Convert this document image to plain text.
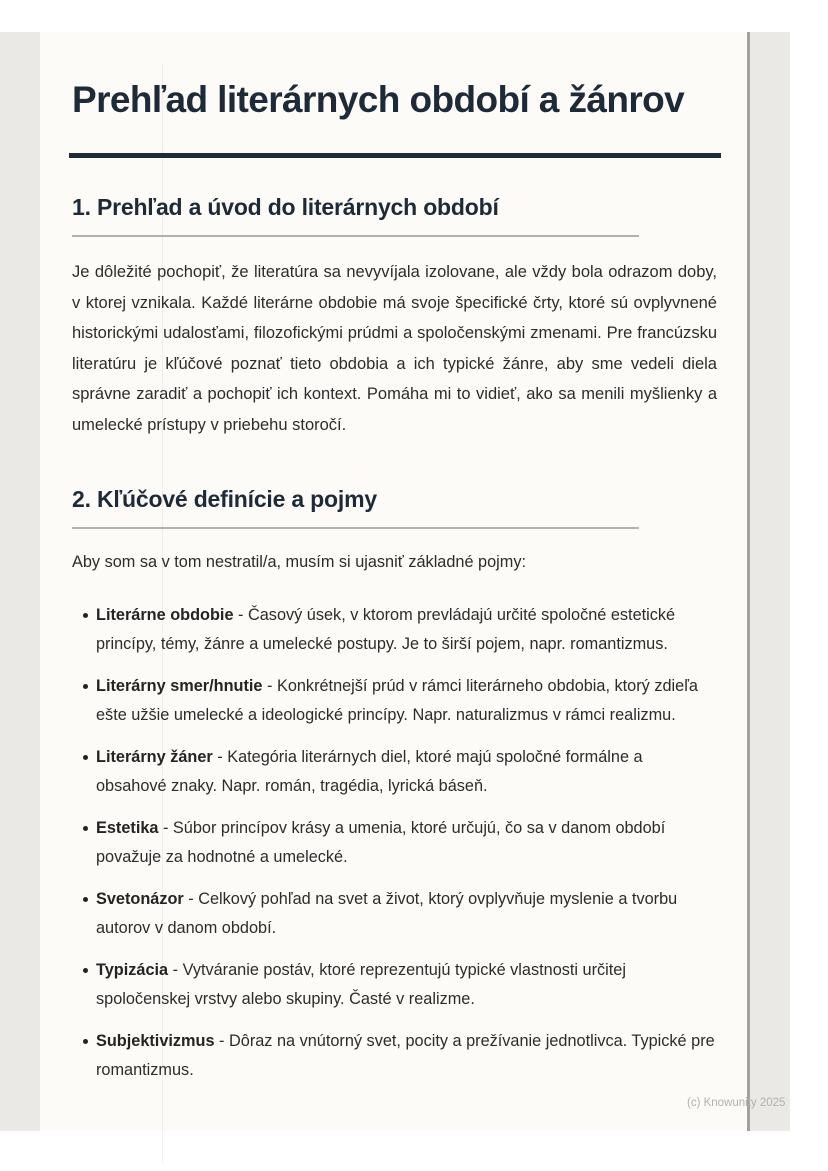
Prehľad literárnych období a žánrov
1. Prehľad a úvod do literárnych období

Je dôležité pochopiť, že literatúra sa nevyvíjala izolovane, ale vždy bola odrazom doby, v ktorej vznikala. Každé literárne obdobie má svoje špecifické črty, ktoré sú ovplyvnené historickými udalosťami, filozofickými prúdmi a spoločenskými zmenami. Pre francúzsku literatúru je kľúčové poznať tieto obdobia a ich typické žánre, aby sme vedeli diela správne zaradiť a pochopiť ich kontext. Pomáha mi to vidieť, ako sa menili myšlienky a umelecké prístupy v priebehu storočí.

2. Kľúčové definície a pojmy

Aby som sa v tom nestratil/a, musím si ujasniť základné pojmy:

Literárne obdobie - Časový úsek, v ktorom prevládajú určité spoločné estetické princípy, témy, žánre a umelecké postupy. Je to širší pojem, napr. romantizmus.
Literárny smer/hnutie - Konkrétnejší prúd v rámci literárneho obdobia, ktorý zdieľa ešte užšie umelecké a ideologické princípy. Napr. naturalizmus v rámci realizmu.
Literárny žáner - Kategória literárnych diel, ktoré majú spoločné formálne a obsahové znaky. Napr. román, tragédia, lyrická báseň.
Estetika - Súbor princípov krásy a umenia, ktoré určujú, čo sa v danom období považuje za hodnotné a umelecké.
Svetonázor - Celkový pohľad na svet a život, ktorý ovplyvňuje myslenie a tvorbu autorov v danom období.
Typizácia - Vytváranie postáv, ktoré reprezentujú typické vlastnosti určitej spoločenskej vrstvy alebo skupiny. Časté v realizme.
Subjektivizmus - Dôraz na vnútorný svet, pocity a prežívanie jednotlivca. Typické pre romantizmus.
(c) Knowunity 2025
